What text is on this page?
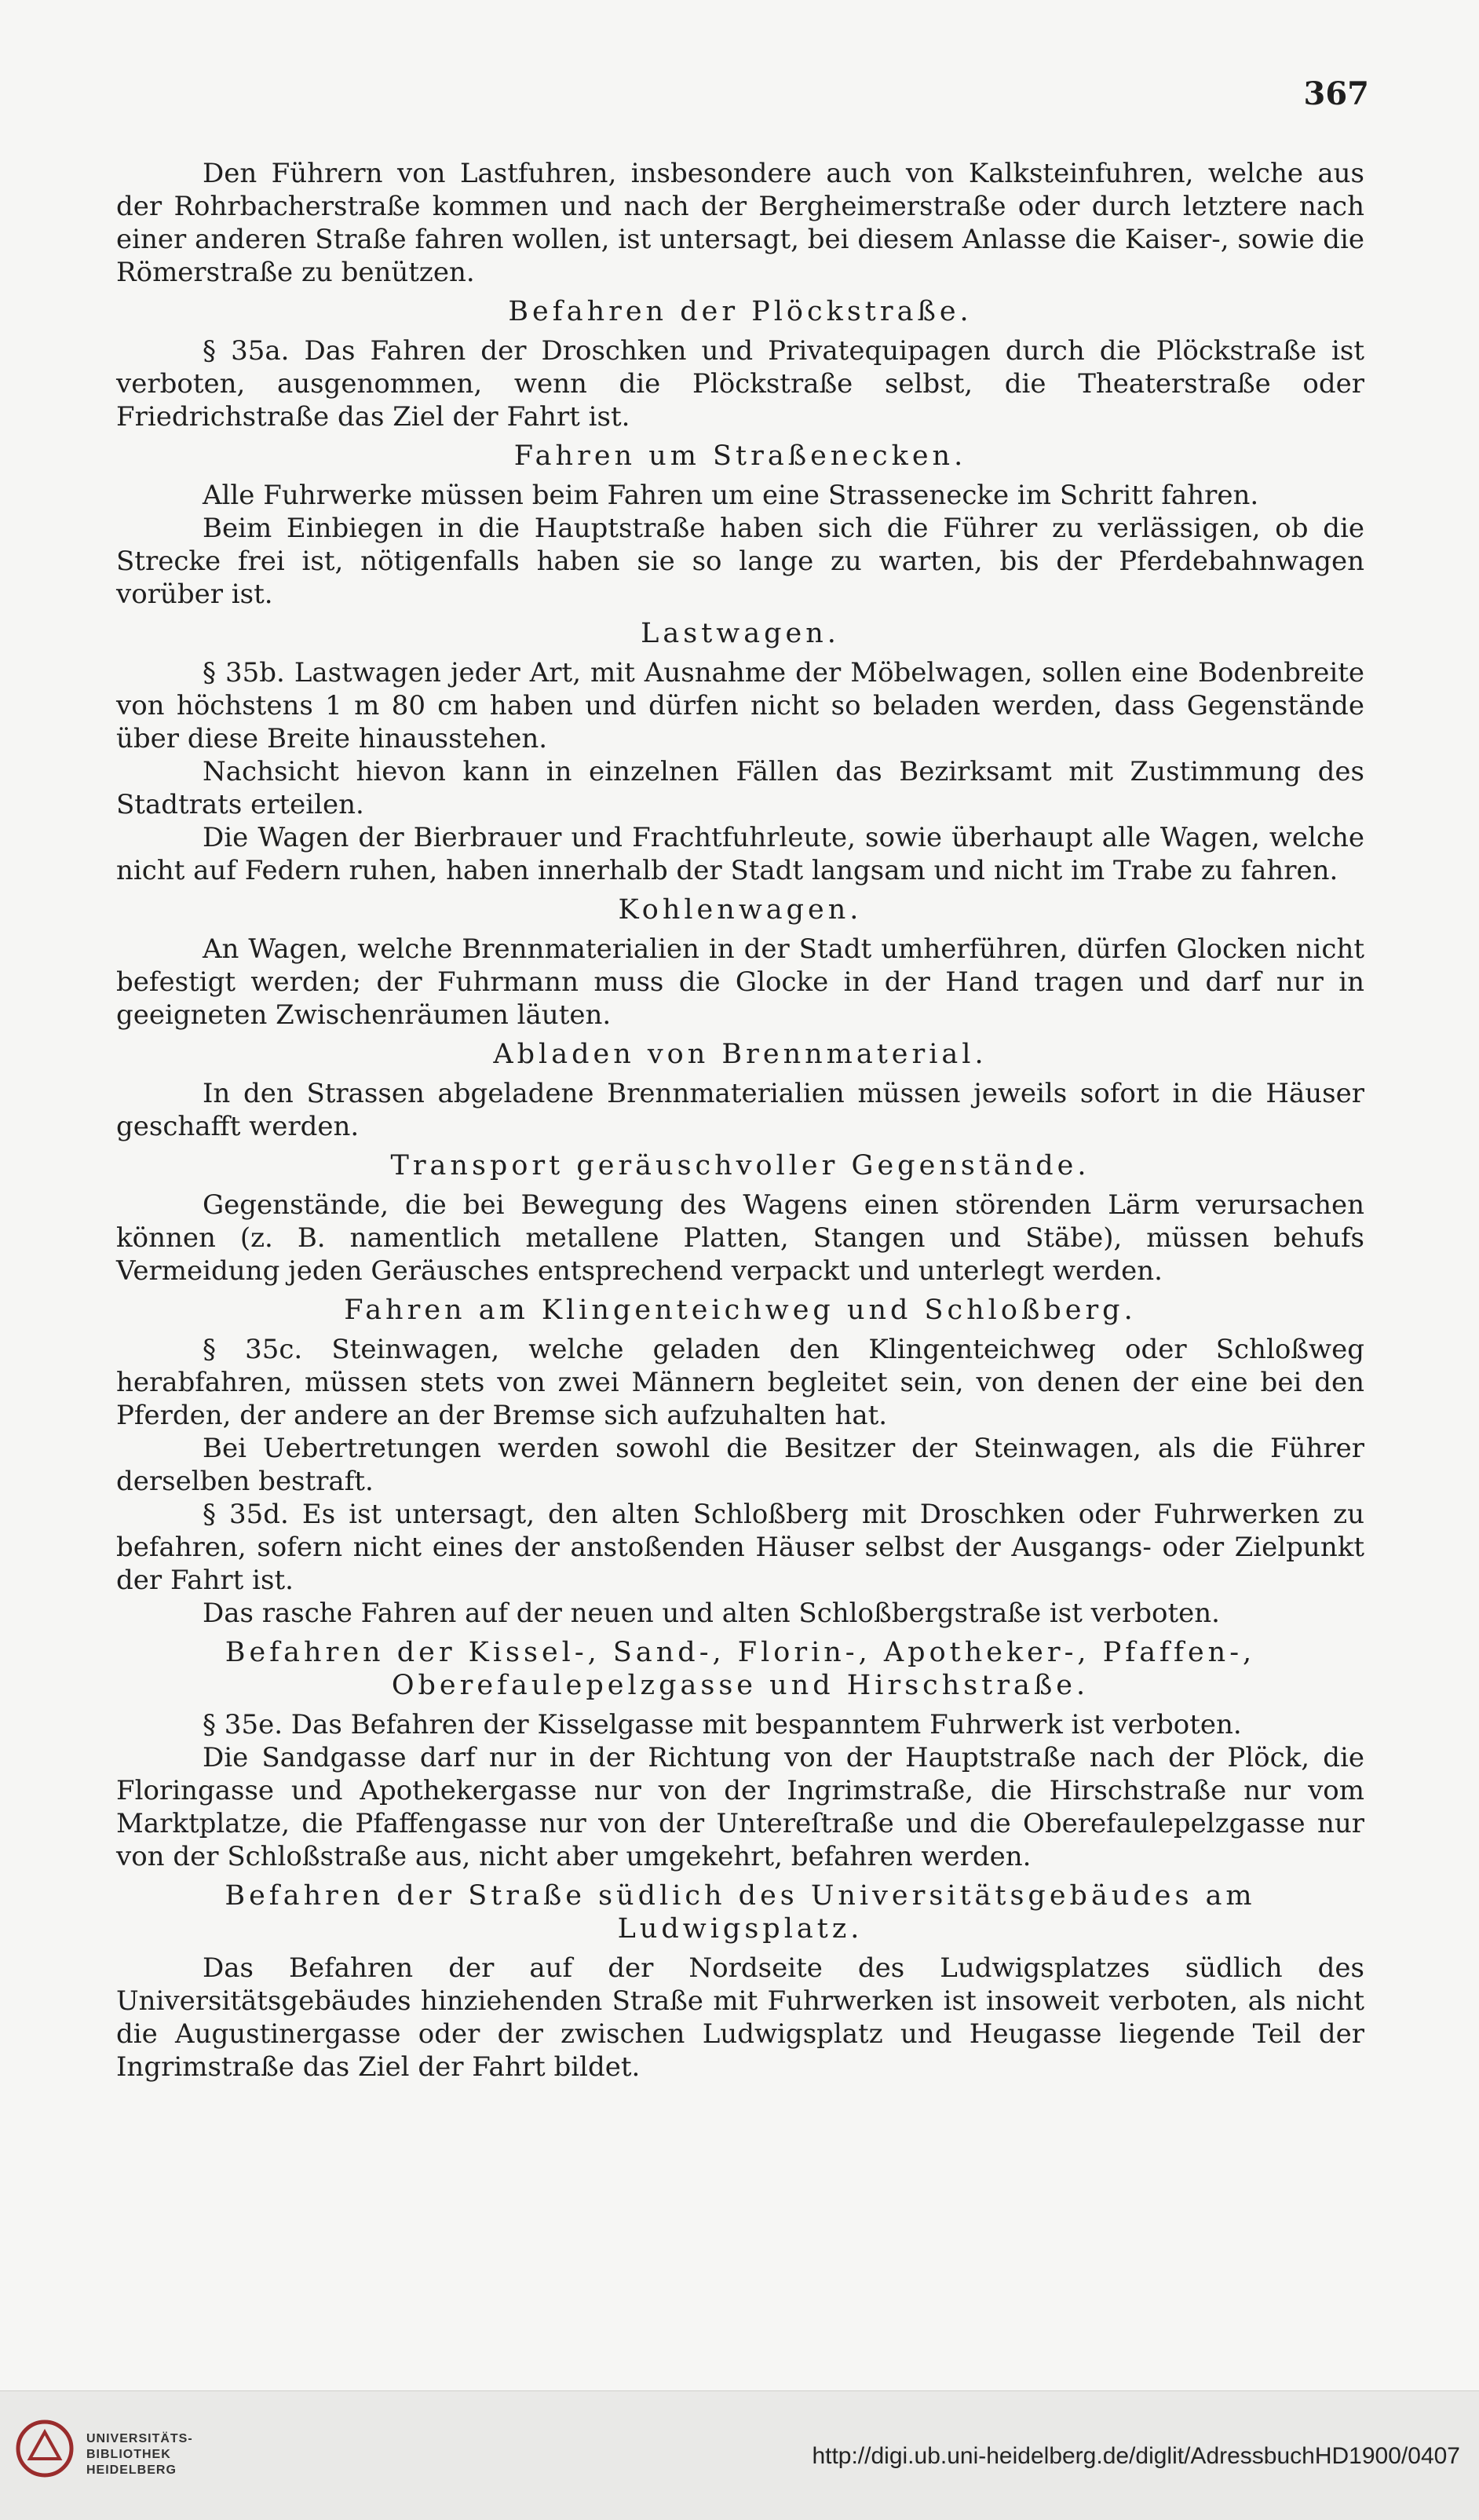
367

Den Führern von Lastfuhren, insbesondere auch von Kalksteinfuhren, welche aus der Rohrbacherstraße kommen und nach der Bergheimerstraße oder durch letztere nach einer anderen Straße fahren wollen, ist untersagt, bei diesem Anlasse die Kaiser-, sowie die Römerstraße zu benützen.

Befahren der Plöckstraße.

§ 35a. Das Fahren der Droschken und Privatequipagen durch die Plöckstraße ist verboten, ausgenommen, wenn die Plöckstraße selbst, die Theaterstraße oder Friedrichstraße das Ziel der Fahrt ist.

Fahren um Straßenecken.

Alle Fuhrwerke müssen beim Fahren um eine Strassenecke im Schritt fahren.

Beim Einbiegen in die Hauptstraße haben sich die Führer zu verlässigen, ob die Strecke frei ist, nötigenfalls haben sie so lange zu warten, bis der Pferdebahnwagen vorüber ist.

Lastwagen.

§ 35b. Lastwagen jeder Art, mit Ausnahme der Möbelwagen, sollen eine Bodenbreite von höchstens 1 m 80 cm haben und dürfen nicht so beladen werden, dass Gegenstände über diese Breite hinausstehen.

Nachsicht hievon kann in einzelnen Fällen das Bezirksamt mit Zustimmung des Stadtrats erteilen.

Die Wagen der Bierbrauer und Frachtfuhrleute, sowie überhaupt alle Wagen, welche nicht auf Federn ruhen, haben innerhalb der Stadt langsam und nicht im Trabe zu fahren.

Kohlenwagen.

An Wagen, welche Brennmaterialien in der Stadt umherführen, dürfen Glocken nicht befestigt werden; der Fuhrmann muss die Glocke in der Hand tragen und darf nur in geeigneten Zwischenräumen läuten.

Abladen von Brennmaterial.

In den Strassen abgeladene Brennmaterialien müssen jeweils sofort in die Häuser geschafft werden.

Transport geräuschvoller Gegenstände.

Gegenstände, die bei Bewegung des Wagens einen störenden Lärm verursachen können (z. B. namentlich metallene Platten, Stangen und Stäbe), müssen behufs Vermeidung jeden Geräusches entsprechend verpackt und unterlegt werden.

Fahren am Klingenteichweg und Schloßberg.

§ 35c. Steinwagen, welche geladen den Klingenteichweg oder Schloßweg herabfahren, müssen stets von zwei Männern begleitet sein, von denen der eine bei den Pferden, der andere an der Bremse sich aufzuhalten hat.

Bei Uebertretungen werden sowohl die Besitzer der Steinwagen, als die Führer derselben bestraft.

§ 35d. Es ist untersagt, den alten Schloßberg mit Droschken oder Fuhrwerken zu befahren, sofern nicht eines der anstoßenden Häuser selbst der Ausgangs- oder Zielpunkt der Fahrt ist.

Das rasche Fahren auf der neuen und alten Schloßbergstraße ist verboten.

Befahren der Kissel-, Sand-, Florin-, Apotheker-, Pfaffen-, Oberefaulepelzgasse und Hirschstraße.

§ 35e. Das Befahren der Kisselgasse mit bespanntem Fuhrwerk ist verboten.

Die Sandgasse darf nur in der Richtung von der Hauptstraße nach der Plöck, die Floringasse und Apothekergasse nur von der Ingrimstraße, die Hirschstraße nur vom Marktplatze, die Pfaffengasse nur von der Untereſtraße und die Oberefaulepelzgasse nur von der Schloßstraße aus, nicht aber umgekehrt, befahren werden.

Befahren der Straße südlich des Universitätsgebäudes am Ludwigsplatz.

Das Befahren der auf der Nordseite des Ludwigsplatzes südlich des Universitätsgebäudes hinziehenden Straße mit Fuhrwerken ist insoweit verboten, als nicht die Augustinergasse oder der zwischen Ludwigsplatz und Heugasse liegende Teil der Ingrimstraße das Ziel der Fahrt bildet.

UNIVERSITÄTS-
BIBLIOTHEK
HEIDELBERG
http://digi.ub.uni-heidelberg.de/diglit/AdressbuchHD1900/0407
